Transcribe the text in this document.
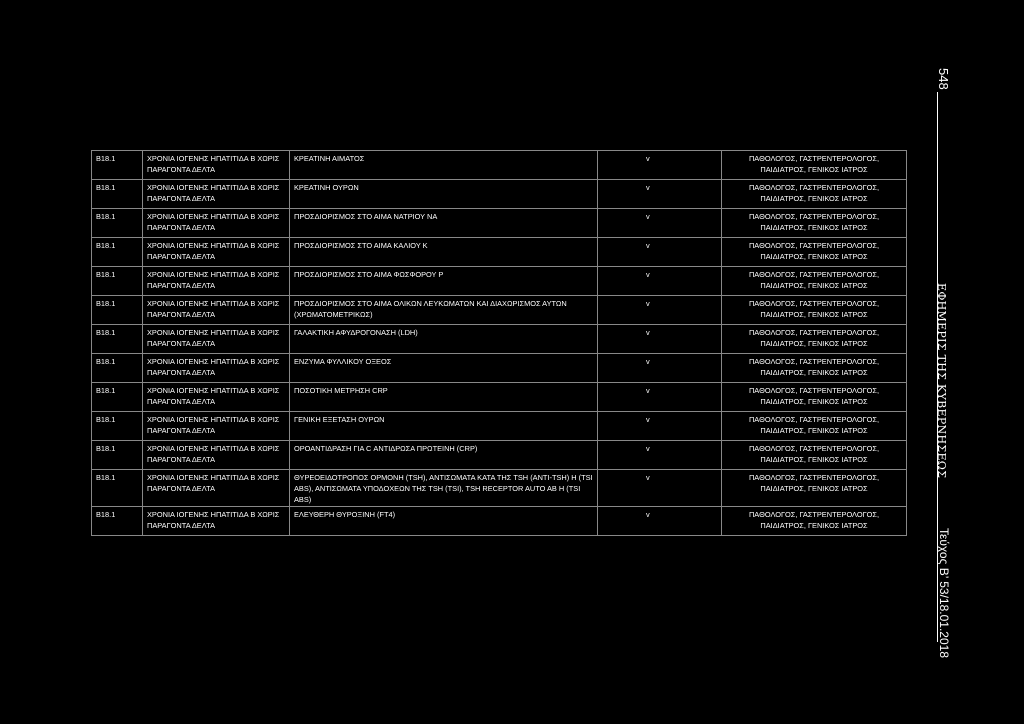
B18.1	ΧΡΟΝΙΑ ΙΟΓΕΝΗΣ ΗΠΑΤΙΤΙΔΑ Β ΧΩΡΙΣ ΠΑΡΑΓΟΝΤΑ ΔΕΛΤΑ	ΚΡΕΑΤΙΝΗ ΑΙΜΑΤΟΣ	v	ΠΑΘΟΛΟΓΟΣ, ΓΑΣΤΡΕΝΤΕΡΟΛΟΓΟΣ, ΠΑΙΔΙΑΤΡΟΣ, ΓΕΝΙΚΟΣ ΙΑΤΡΟΣ
B18.1	ΧΡΟΝΙΑ ΙΟΓΕΝΗΣ ΗΠΑΤΙΤΙΔΑ Β ΧΩΡΙΣ ΠΑΡΑΓΟΝΤΑ ΔΕΛΤΑ	ΚΡΕΑΤΙΝΗ ΟΥΡΩΝ	v	ΠΑΘΟΛΟΓΟΣ, ΓΑΣΤΡΕΝΤΕΡΟΛΟΓΟΣ, ΠΑΙΔΙΑΤΡΟΣ, ΓΕΝΙΚΟΣ ΙΑΤΡΟΣ
B18.1	ΧΡΟΝΙΑ ΙΟΓΕΝΗΣ ΗΠΑΤΙΤΙΔΑ Β ΧΩΡΙΣ ΠΑΡΑΓΟΝΤΑ ΔΕΛΤΑ	ΠΡΟΣΔΙΟΡΙΣΜΟΣ ΣΤΟ ΑΙΜΑ ΝΑΤΡΙΟΥ NA	v	ΠΑΘΟΛΟΓΟΣ, ΓΑΣΤΡΕΝΤΕΡΟΛΟΓΟΣ, ΠΑΙΔΙΑΤΡΟΣ, ΓΕΝΙΚΟΣ ΙΑΤΡΟΣ
B18.1	ΧΡΟΝΙΑ ΙΟΓΕΝΗΣ ΗΠΑΤΙΤΙΔΑ Β ΧΩΡΙΣ ΠΑΡΑΓΟΝΤΑ ΔΕΛΤΑ	ΠΡΟΣΔΙΟΡΙΣΜΟΣ ΣΤΟ ΑΙΜΑ ΚΑΛΙΟΥ K	v	ΠΑΘΟΛΟΓΟΣ, ΓΑΣΤΡΕΝΤΕΡΟΛΟΓΟΣ, ΠΑΙΔΙΑΤΡΟΣ, ΓΕΝΙΚΟΣ ΙΑΤΡΟΣ
B18.1	ΧΡΟΝΙΑ ΙΟΓΕΝΗΣ ΗΠΑΤΙΤΙΔΑ Β ΧΩΡΙΣ ΠΑΡΑΓΟΝΤΑ ΔΕΛΤΑ	ΠΡΟΣΔΙΟΡΙΣΜΟΣ ΣΤΟ ΑΙΜΑ ΦΩΣΦΟΡΟΥ P	v	ΠΑΘΟΛΟΓΟΣ, ΓΑΣΤΡΕΝΤΕΡΟΛΟΓΟΣ, ΠΑΙΔΙΑΤΡΟΣ, ΓΕΝΙΚΟΣ ΙΑΤΡΟΣ
B18.1	ΧΡΟΝΙΑ ΙΟΓΕΝΗΣ ΗΠΑΤΙΤΙΔΑ Β ΧΩΡΙΣ ΠΑΡΑΓΟΝΤΑ ΔΕΛΤΑ	ΠΡΟΣΔΙΟΡΙΣΜΟΣ ΣΤΟ ΑΙΜΑ ΟΛΙΚΩΝ ΛΕΥΚΩΜΑΤΩΝ ΚΑΙ ΔΙΑΧΩΡΙΣΜΟΣ ΑΥΤΩΝ (ΧΡΩΜΑΤΟΜΕΤΡΙΚΩΣ)	v	ΠΑΘΟΛΟΓΟΣ, ΓΑΣΤΡΕΝΤΕΡΟΛΟΓΟΣ, ΠΑΙΔΙΑΤΡΟΣ, ΓΕΝΙΚΟΣ ΙΑΤΡΟΣ
B18.1	ΧΡΟΝΙΑ ΙΟΓΕΝΗΣ ΗΠΑΤΙΤΙΔΑ Β ΧΩΡΙΣ ΠΑΡΑΓΟΝΤΑ ΔΕΛΤΑ	ΓΑΛΑΚΤΙΚΗ ΑΦΥΔΡΟΓΟΝΑΣΗ (LDH)	v	ΠΑΘΟΛΟΓΟΣ, ΓΑΣΤΡΕΝΤΕΡΟΛΟΓΟΣ, ΠΑΙΔΙΑΤΡΟΣ, ΓΕΝΙΚΟΣ ΙΑΤΡΟΣ
B18.1	ΧΡΟΝΙΑ ΙΟΓΕΝΗΣ ΗΠΑΤΙΤΙΔΑ Β ΧΩΡΙΣ ΠΑΡΑΓΟΝΤΑ ΔΕΛΤΑ	ΕΝΖΥΜΑ ΦΥΛΛΙΚΟΥ ΟΞΕΟΣ	v	ΠΑΘΟΛΟΓΟΣ, ΓΑΣΤΡΕΝΤΕΡΟΛΟΓΟΣ, ΠΑΙΔΙΑΤΡΟΣ, ΓΕΝΙΚΟΣ ΙΑΤΡΟΣ
B18.1	ΧΡΟΝΙΑ ΙΟΓΕΝΗΣ ΗΠΑΤΙΤΙΔΑ Β ΧΩΡΙΣ ΠΑΡΑΓΟΝΤΑ ΔΕΛΤΑ	ΠΟΣΟΤΙΚΗ ΜΕΤΡΗΣΗ CRP	v	ΠΑΘΟΛΟΓΟΣ, ΓΑΣΤΡΕΝΤΕΡΟΛΟΓΟΣ, ΠΑΙΔΙΑΤΡΟΣ, ΓΕΝΙΚΟΣ ΙΑΤΡΟΣ
B18.1	ΧΡΟΝΙΑ ΙΟΓΕΝΗΣ ΗΠΑΤΙΤΙΔΑ Β ΧΩΡΙΣ ΠΑΡΑΓΟΝΤΑ ΔΕΛΤΑ	ΓΕΝΙΚΗ ΕΞΕΤΑΣΗ ΟΥΡΩΝ	v	ΠΑΘΟΛΟΓΟΣ, ΓΑΣΤΡΕΝΤΕΡΟΛΟΓΟΣ, ΠΑΙΔΙΑΤΡΟΣ, ΓΕΝΙΚΟΣ ΙΑΤΡΟΣ
B18.1	ΧΡΟΝΙΑ ΙΟΓΕΝΗΣ ΗΠΑΤΙΤΙΔΑ Β ΧΩΡΙΣ ΠΑΡΑΓΟΝΤΑ ΔΕΛΤΑ	ΟΡΟΑΝΤΙΔΡΑΣΗ ΓΙΑ C ΑΝΤΙΔΡΩΣΑ ΠΡΩΤΕΙΝΗ (CRP)	v	ΠΑΘΟΛΟΓΟΣ, ΓΑΣΤΡΕΝΤΕΡΟΛΟΓΟΣ, ΠΑΙΔΙΑΤΡΟΣ, ΓΕΝΙΚΟΣ ΙΑΤΡΟΣ
B18.1	ΧΡΟΝΙΑ ΙΟΓΕΝΗΣ ΗΠΑΤΙΤΙΔΑ Β ΧΩΡΙΣ ΠΑΡΑΓΟΝΤΑ ΔΕΛΤΑ	ΘΥΡΕΟΕΙΔΟΤΡΟΠΟΣ ΟΡΜΟΝΗ (TSH), ΑΝΤΙΣΩΜΑΤΑ ΚΑΤΑ ΤΗΣ TSH (ANTI-TSH) Η (TSI ABS), ΑΝΤΙΣΩΜΑΤΑ ΥΠΟΔΟΧΕΩΝ ΤΗΣ TSH (TSI), TSH RECEPTOR AUTO AB Η (TSI ABS)	v	ΠΑΘΟΛΟΓΟΣ, ΓΑΣΤΡΕΝΤΕΡΟΛΟΓΟΣ, ΠΑΙΔΙΑΤΡΟΣ, ΓΕΝΙΚΟΣ ΙΑΤΡΟΣ
B18.1	ΧΡΟΝΙΑ ΙΟΓΕΝΗΣ ΗΠΑΤΙΤΙΔΑ Β ΧΩΡΙΣ ΠΑΡΑΓΟΝΤΑ ΔΕΛΤΑ	ΕΛΕΥΘΕΡΗ ΘΥΡΟΞΙΝΗ (FT4)	v	ΠΑΘΟΛΟΓΟΣ, ΓΑΣΤΡΕΝΤΕΡΟΛΟΓΟΣ, ΠΑΙΔΙΑΤΡΟΣ, ΓΕΝΙΚΟΣ ΙΑΤΡΟΣ
548
ΕΦΗΜΕΡΙΣ ΤΗΣ ΚΥΒΕΡΝΗΣΕΩΣ
Τεύχος Β’ 53/18.01.2018
